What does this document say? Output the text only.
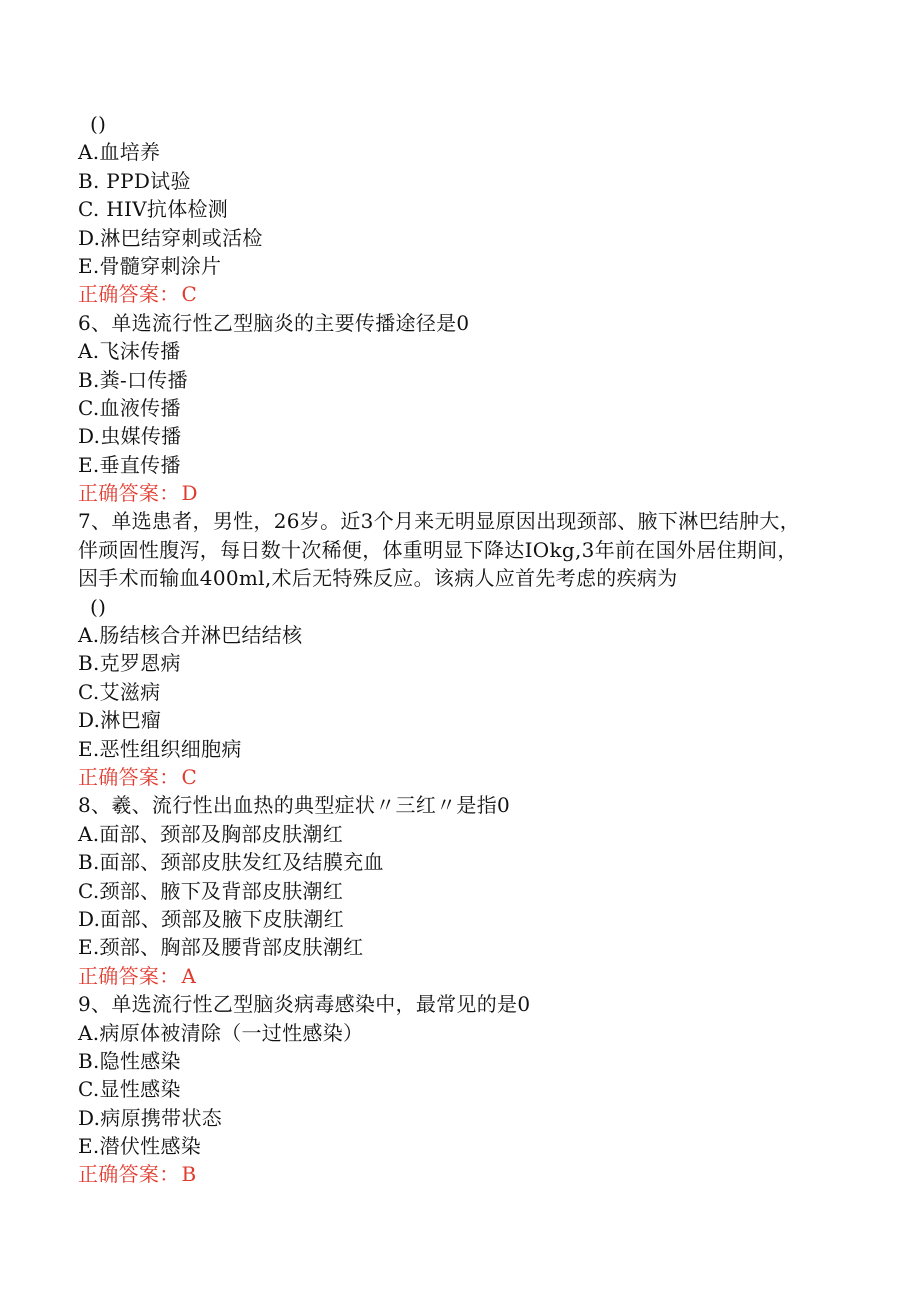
()
A.血培养
B. PPD试验
C. HIV抗体检测
D.淋巴结穿刺或活检
E.骨髓穿刺涂片
正确答案： C
6、单选流行性乙型脑炎的主要传播途径是0
A.飞沫传播
B.粪-口传播
C.血液传播
D.虫媒传播
E.垂直传播
正确答案： D
7、单选患者，男性，26岁。近3个月来无明显原因出现颈部、腋下淋巴结肿大，
伴顽固性腹泻，每日数十次稀便，体重明显下降达IOkg,3年前在国外居住期间，
因手术而输血400ml,术后无特殊反应。该病人应首先考虑的疾病为
()
A.肠结核合并淋巴结结核
B.克罗恩病
C.艾滋病
D.淋巴瘤
E.恶性组织细胞病
正确答案： C
8、羲、流行性出血热的典型症状〃三红〃是指0
A.面部、颈部及胸部皮肤潮红
B.面部、颈部皮肤发红及结膜充血
C.颈部、腋下及背部皮肤潮红
D.面部、颈部及腋下皮肤潮红
E.颈部、胸部及腰背部皮肤潮红
正确答案： A
9、单选流行性乙型脑炎病毒感染中，最常见的是0
A.病原体被清除（一过性感染）
B.隐性感染
C.显性感染
D.病原携带状态
E.潜伏性感染
正确答案： B
